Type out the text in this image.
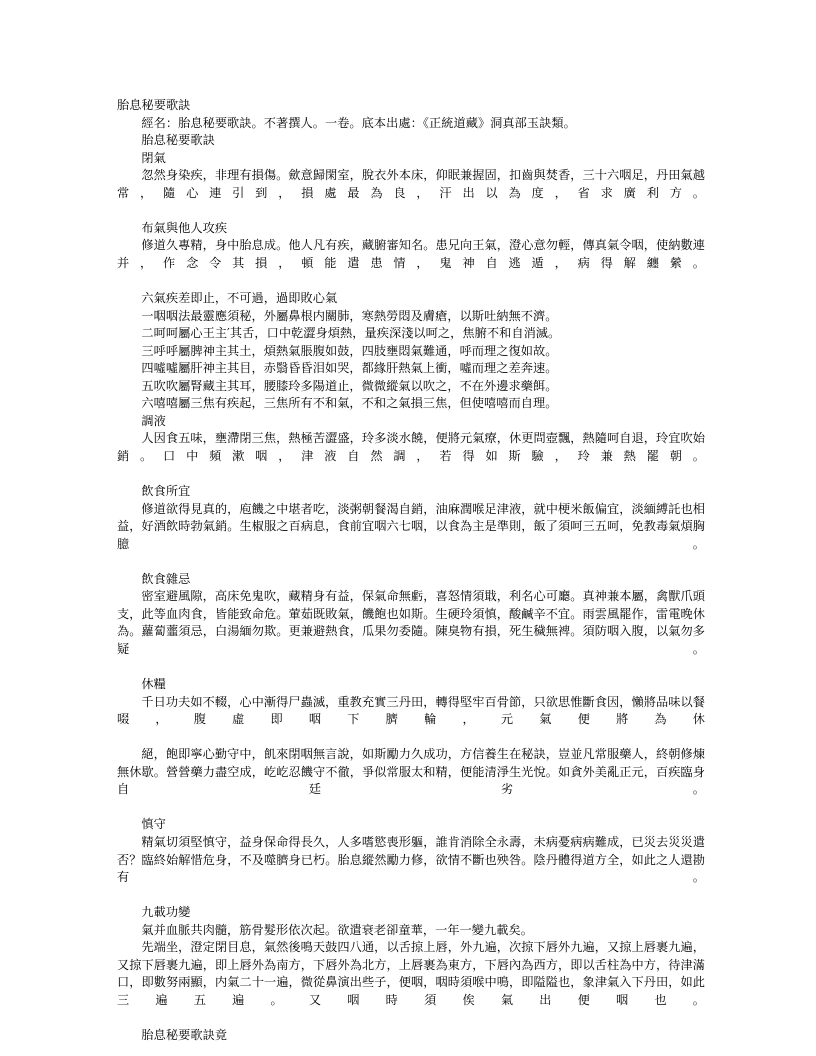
胎息秘要歌訣

經名：胎息秘要歌訣。不著撰人。一卷。底本出處：《正統道藏》洞真部玉訣類。

胎息秘要歌訣

閉氣

忽然身染疾，非理有損傷。歛意歸閑室，脫衣外本床，仰眠兼握固，扣齒與焚香，三十六咽足，丹田氣越常，隨心連引到，損處最為良，汗出以為度，省求廣利方。

布氣與他人攻疾

修道久專精，身中胎息成。他人凡有疾，藏腑審知名。患兄向王氣，澄心意勿輕，傳真氣令咽，使納數連并，作念令其損，頓能遣患情，鬼神自逃遁，病得解纏縈。

六氣疾差即止，不可過，過即敗心氣

一咽咽法最靈應須秘，外屬鼻根内關肺，寒熱勞悶及膚瘡，以斯吐納無不濟。

二呵呵屬心王主′其舌，口中乾澀身煩熱，量疾深淺以呵之，焦腑不和自消滅。

三呼呼屬脾神主其土，煩熱氣脹腹如鼓，四肢壅悶氣難通，呼而理之復如故。

四噓噓屬肝神主其目，赤翳昏昏泪如哭，都緣肝熱氣上衝，噓而理之差奔速。

五吹吹屬腎藏主其耳，腰膝玲多陽道止，微微縱氣以吹之，不在外邊求藥餌。

六嘻嘻屬三焦有疾起，三焦所有不和氣，不和之氣損三焦，但使嘻嘻而自理。

調液

人因食五味，壅滯閉三焦，熱極苦澀盛，玲多淡水饒，便將元氣療，休更問壺飄，熱隨呵自退，玲宜吹始銷。口中頻漱咽，津液自然調，若得如斯驗，玲兼熱罷朝。

飲食所宜

修道欲得見真的，庖饑之中堪者吃，淡粥朝餐渴自銷，油麻潤喉足津液，就中梗米飯偏宜，淡緬縛託也相益，好酒飲時勃氣銷。生椒服之百病息，食前宜咽六七咽，以食為主是準則，飯了須呵三五呵，免教毒氣煩胸臆。

飲食雜忌

密室避風隙，高床免鬼吹，藏精身有益，保氣命無虧，喜怒情須戢，利名心可廳。真神兼本屬，禽獸爪頭支，此等血肉食，皆能致命危。葷茹既敗氣，饑飽也如斯。生硬玲須慎，酸鹹辛不宜。雨雲風罷作，雷電晚休為。蘿蔔虀須忌，白湯緬勿欺。更兼避熱食，瓜果勿委隨。陳臭物有損，死生穢無裨。須防咽入腹，以氣勿多疑。

休糧

千日功夫如不輟，心中漸得尸蟲滅，重教充實三丹田，轉得堅牢百骨節，只欲思惟斷食因，懶將品味以餐啜，腹虛即咽下臍輪，元氣便將為休

絕，飽即寧心勤守中，飢來閉咽無言說，如斯勵力久成功，方信養生在秘訣，豈並凡常服藥人，終朝修煉無休歇。營營藥力盡空成，屹屹忍饑守不徹，爭似常服太和精，便能清淨生光悅。如貪外美亂正元，百疾臨身自廷劣。

慎守

精氣切須堅慎守，益身保命得長久，人多嗜慾喪形軀，誰肯消除全永壽，未病憂病病難成，已災去災災遣否？臨終始解惜危身，不及噬臍身已朽。胎息縱然勵力修，欲情不斷也殃咎。陰丹體得道方全，如此之人還勘有。

九載功變

氣并血脈共肉髓，筋骨髮形依次起。欲遣衰老卻童華，一年一變九載矣。

先端坐，澄定閉目息，氣然後鳴天鼓四八通，以舌掠上唇，外九遍，次掠下唇外九遍，又掠上唇裹九遍，又掠下唇裹九遍，即上唇外為南方，下唇外為北方，上唇裹為東方，下唇內為西方，即以舌柱為中方，待津滿口，即數努兩顯，内氣二十一遍，微從鼻演出些子，便咽，咽時須喉中鳴，即隘隘也，象津氣入下丹田，如此三遍五遍。又咽時須俟氣出便咽也。

胎息秘要歌訣竟
